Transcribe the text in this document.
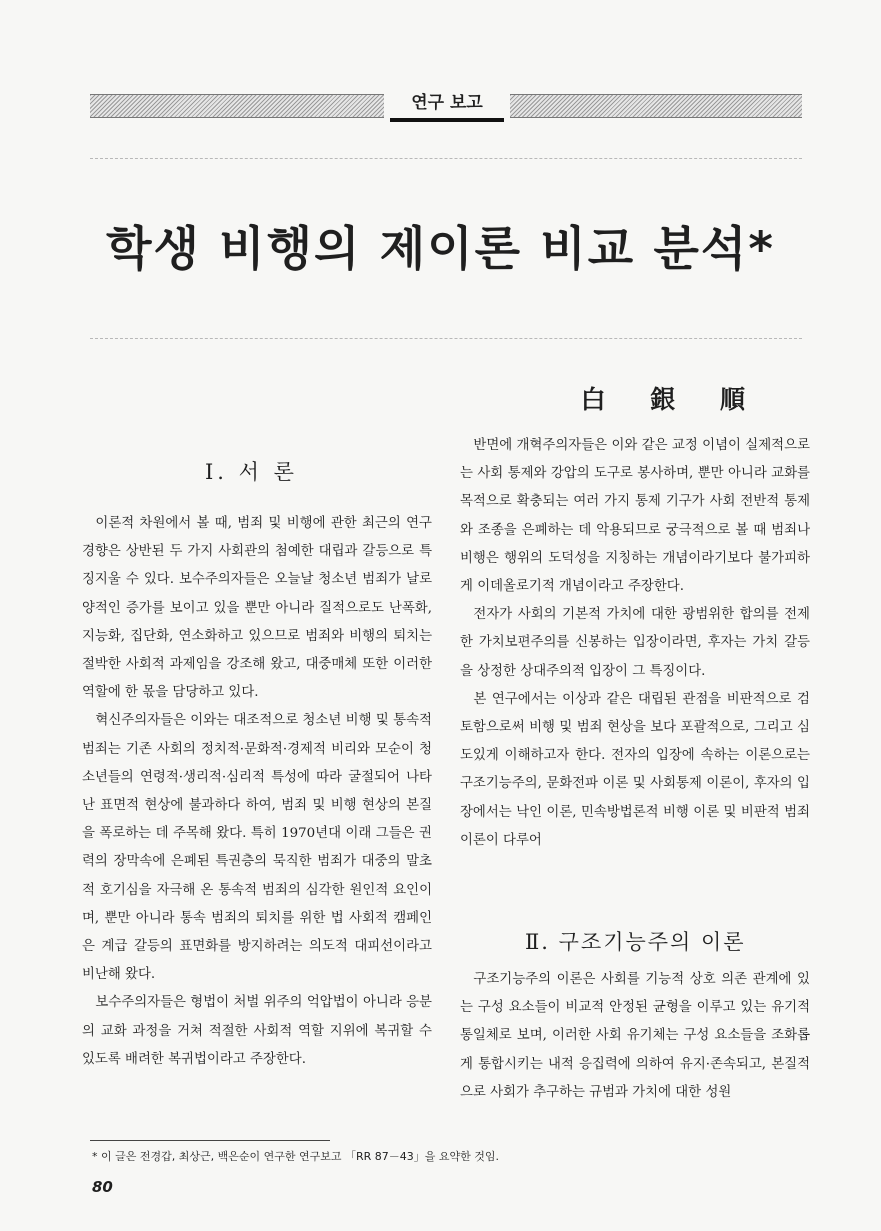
연구 보고
학생 비행의 제이론 비교 분석*
白 銀 順
Ⅰ. 서 론

이론적 차원에서 볼 때, 범죄 및 비행에 관한 최근의 연구 경향은 상반된 두 가지 사회관의 첨예한 대립과 갈등으로 특징지울 수 있다. 보수주의자들은 오늘날 청소년 범죄가 날로 양적인 증가를 보이고 있을 뿐만 아니라 질적으로도 난폭화, 지능화, 집단화, 연소화하고 있으므로 범죄와 비행의 퇴치는 절박한 사회적 과제임을 강조해 왔고, 대중매체 또한 이러한 역할에 한 몫을 담당하고 있다.

혁신주의자들은 이와는 대조적으로 청소년 비행 및 통속적 범죄는 기존 사회의 정치적·문화적·경제적 비리와 모순이 청소년들의 연령적·생리적·심리적 특성에 따라 굴절되어 나타난 표면적 현상에 불과하다 하여, 범죄 및 비행 현상의 본질을 폭로하는 데 주목해 왔다. 특히 1970년대 이래 그들은 권력의 장막속에 은폐된 특권층의 묵직한 범죄가 대중의 말초적 호기심을 자극해 온 통속적 범죄의 심각한 원인적 요인이며, 뿐만 아니라 통속 범죄의 퇴치를 위한 법 사회적 캠페인은 계급 갈등의 표면화를 방지하려는 의도적 대피선이라고 비난해 왔다.

보수주의자들은 형법이 처벌 위주의 억압법이 아니라 응분의 교화 과정을 거쳐 적절한 사회적 역할 지위에 복귀할 수 있도록 배려한 복귀법이라고 주장한다.

반면에 개혁주의자들은 이와 같은 교정 이념이 실제적으로는 사회 통제와 강압의 도구로 봉사하며, 뿐만 아니라 교화를 목적으로 확충되는 여러 가지 통제 기구가 사회 전반적 통제와 조종을 은폐하는 데 악용되므로 궁극적으로 볼 때 범죄나 비행은 행위의 도덕성을 지칭하는 개념이라기보다 불가피하게 이데올로기적 개념이라고 주장한다.

전자가 사회의 기본적 가치에 대한 광범위한 합의를 전제한 가치보편주의를 신봉하는 입장이라면, 후자는 가치 갈등을 상정한 상대주의적 입장이 그 특징이다.

본 연구에서는 이상과 같은 대립된 관점을 비판적으로 검토함으로써 비행 및 범죄 현상을 보다 포괄적으로, 그리고 심도있게 이해하고자 한다. 전자의 입장에 속하는 이론으로는 구조기능주의, 문화전파 이론 및 사회통제 이론이, 후자의 입장에서는 낙인 이론, 민속방법론적 비행 이론 및 비판적 범죄 이론이 다루어

Ⅱ. 구조기능주의 이론

구조기능주의 이론은 사회를 기능적 상호 의존 관계에 있는 구성 요소들이 비교적 안정된 균형을 이루고 있는 유기적 통일체로 보며, 이러한 사회 유기체는 구성 요소들을 조화롭게 통합시키는 내적 응집력에 의하여 유지·존속되고, 본질적으로 사회가 추구하는 규범과 가치에 대한 성원

* 이 글은 전경갑, 최상근, 백은순이 연구한 연구보고 「RR 87－43」을 요약한 것임.
80
